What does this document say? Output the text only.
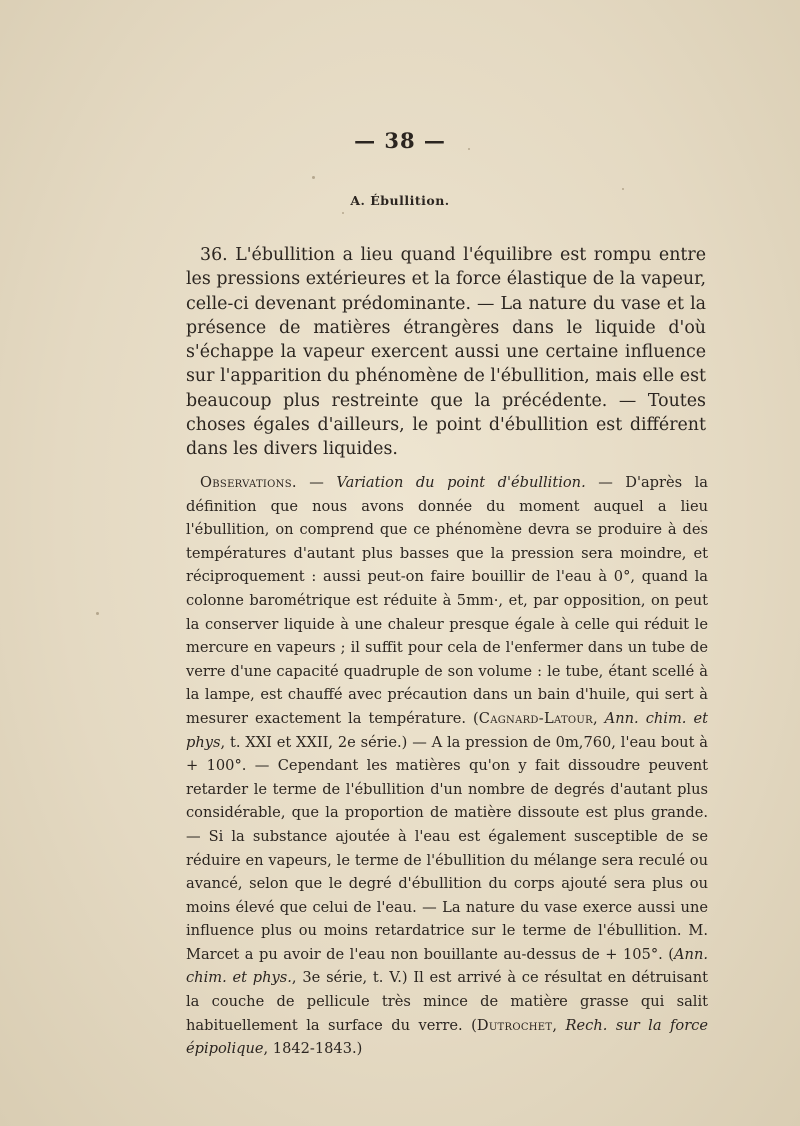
— 38 —
A. Ébullition.

36. L'ébullition a lieu quand l'équilibre est rompu entre les pressions extérieures et la force élastique de la vapeur, celle-ci devenant prédominante. — La nature du vase et la présence de matières étrangères dans le liquide d'où s'échappe la vapeur exercent aussi une certaine influence sur l'apparition du phénomène de l'ébullition, mais elle est beaucoup plus restreinte que la précédente. — Toutes choses égales d'ailleurs, le point d'ébullition est différent dans les divers liquides.

Observations. — Variation du point d'ébullition. — D'après la définition que nous avons donnée du moment auquel a lieu l'ébullition, on comprend que ce phénomène devra se produire à des températures d'autant plus basses que la pression sera moindre, et réciproquement : aussi peut-on faire bouillir de l'eau à 0°, quand la colonne barométrique est réduite à 5mm·, et, par opposition, on peut la conserver liquide à une chaleur presque égale à celle qui réduit le mercure en vapeurs ; il suffit pour cela de l'enfermer dans un tube de verre d'une capacité quadruple de son volume : le tube, étant scellé à la lampe, est chauffé avec précaution dans un bain d'huile, qui sert à mesurer exactement la température. (Cagnard-Latour, Ann. chim. et phys, t. XXI et XXII, 2e série.) — A la pression de 0m,760, l'eau bout à + 100°. — Cependant les matières qu'on y fait dissoudre peuvent retarder le terme de l'ébullition d'un nombre de degrés d'autant plus considérable, que la proportion de matière dissoute est plus grande. — Si la substance ajoutée à l'eau est également susceptible de se réduire en vapeurs, le terme de l'ébullition du mélange sera reculé ou avancé, selon que le degré d'ébullition du corps ajouté sera plus ou moins élevé que celui de l'eau. — La nature du vase exerce aussi une influence plus ou moins retardatrice sur le terme de l'ébullition. M. Marcet a pu avoir de l'eau non bouillante au-dessus de + 105°. (Ann. chim. et phys., 3e série, t. V.) Il est arrivé à ce résultat en détruisant la couche de pellicule très mince de matière grasse qui salit habituellement la surface du verre. (Dutrochet, Rech. sur la force épipolique, 1842-1843.)
